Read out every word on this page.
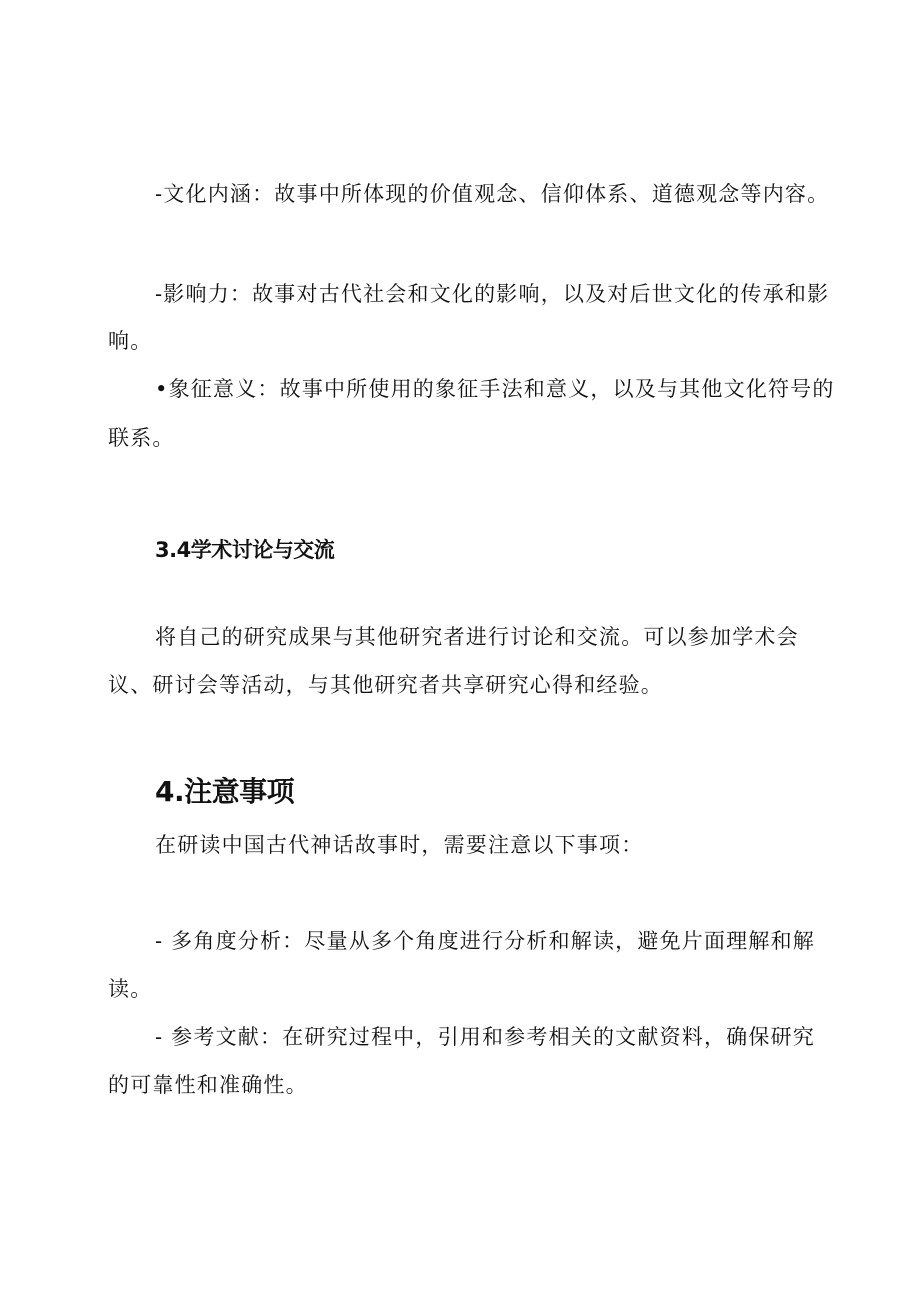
-文化内涵：故事中所体现的价值观念、信仰体系、道德观念等内容。
-影响力：故事对古代社会和文化的影响，以及对后世文化的传承和影
响。
•象征意义：故事中所使用的象征手法和意义，以及与其他文化符号的
联系。
3.4学术讨论与交流
将自己的研究成果与其他研究者进行讨论和交流。可以参加学术会
议、研讨会等活动，与其他研究者共享研究心得和经验。
4.注意事项
在研读中国古代神话故事时，需要注意以下事项：
- 多角度分析：尽量从多个角度进行分析和解读，避免片面理解和解
读。
- 参考文献：在研究过程中，引用和参考相关的文献资料，确保研究
的可靠性和准确性。
